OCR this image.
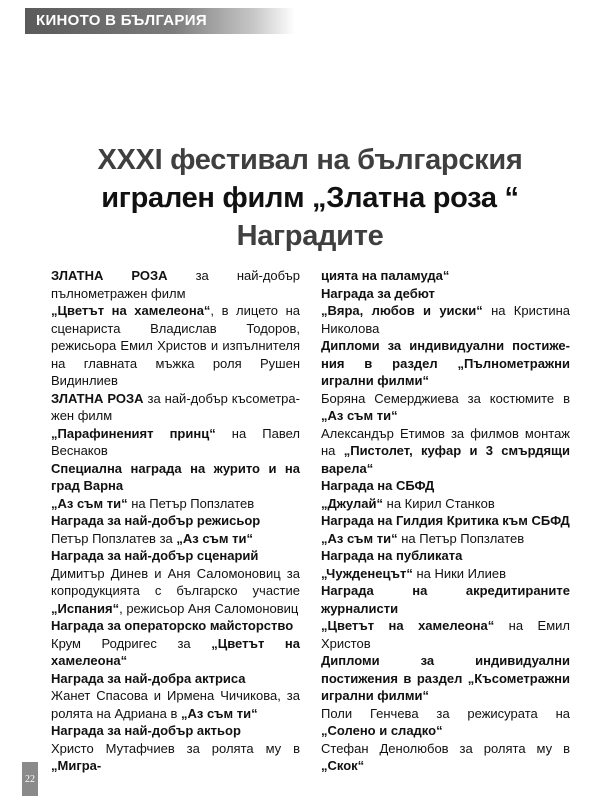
КИНОТО В БЪЛГАРИЯ
XXXI фестивал на българския
игрален филм „Златна роза “
Наградите

ЗЛАТНА РОЗА за най-добър пълнометражен филм

„Цветът на хамелеона“, в лицето на сценариста Владислав Тодоров, режисьора Емил Христов и изпълнителя на главната мъжка роля Рушен Видинлиев

ЗЛАТНА РОЗА за най-добър късометражен филм

„Парафиненият принц“ на Павел Веснаков

Специална награда на журито и на град Варна

„Аз съм ти“ на Петър Попзлатев

Награда за най-добър режисьор

Петър Попзлатев за „Аз съм ти“

Награда за най-добър сценарий

Димитър Динев и Аня Саломоновиц за копродукцията с българско участие „Испания“, режисьор Аня Саломоновиц

Награда за операторско майсторство

Крум Родригес за „Цветът на хамелеона“

Награда за най-добра актриса

Жанет Спасова и Ирмена Чичикова, за ролята на Адриана в „Аз съм ти“

Награда за най-добър актьор

Христо Мутафчиев за ролята му в „Мигра-

цията на паламуда“

Награда за дебют

„Вяра, любов и уиски“ на Кристина Николова

Дипломи за индивидуални постижения в раздел „Пълнометражни игрални филми“

Боряна Семерджиева за костюмите в „Аз съм ти“

Александър Етимов за филмов монтаж на „Пистолет, куфар и 3 смърдящи варела“

Награда на СБФД

„Джулай“ на Кирил Станков

Награда на Гилдия Критика към СБФД

„Аз съм ти“ на Петър Попзлатев

Награда на публиката

„Чужденецът“ на Ники Илиев

Награда на акредитираните журналисти

„Цветът на хамелеона“ на Емил Христов

Дипломи за индивидуални постижения в раздел „Късометражни игрални филми“

Поли Генчева за режисурата на „Солено и сладко“

Стефан Денолюбов за ролята му в „Скок“

22
